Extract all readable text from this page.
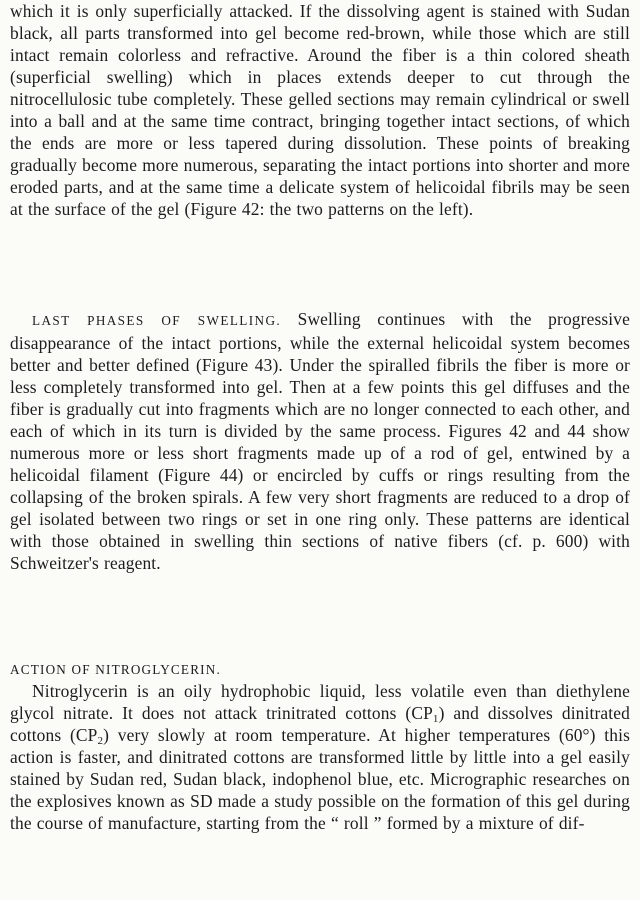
which it is only superficially attacked. If the dissolving agent is stained with Sudan black, all parts transformed into gel become red-brown, while those which are still intact remain colorless and refractive. Around the fiber is a thin colored sheath (superficial swelling) which in places extends deeper to cut through the nitrocellulosic tube completely. These gelled sections may remain cylindrical or swell into a ball and at the same time contract, bringing together intact sections, of which the ends are more or less tapered during dissolution. These points of breaking gradually become more numerous, separating the intact portions into shorter and more eroded parts, and at the same time a delicate system of helicoidal fibrils may be seen at the surface of the gel (Figure 42: the two patterns on the left).

LAST PHASES OF SWELLING. Swelling continues with the progressive disappearance of the intact portions, while the external helicoidal system becomes better and better defined (Figure 43). Under the spiralled fibrils the fiber is more or less completely transformed into gel. Then at a few points this gel diffuses and the fiber is gradually cut into fragments which are no longer connected to each other, and each of which in its turn is divided by the same process. Figures 42 and 44 show numerous more or less short fragments made up of a rod of gel, entwined by a helicoidal filament (Figure 44) or encircled by cuffs or rings resulting from the collapsing of the broken spirals. A few very short fragments are reduced to a drop of gel isolated between two rings or set in one ring only. These patterns are identical with those obtained in swelling thin sections of native fibers (cf. p. 600) with Schweitzer's reagent.

ACTION OF NITROGLYCERIN.

Nitroglycerin is an oily hydrophobic liquid, less volatile even than diethylene glycol nitrate. It does not attack trinitrated cottons $(CP_1)$ and dissolves dinitrated cottons $(CP_2)$ very slowly at room temperature. At higher temperatures (60°) this action is faster, and dinitrated cottons are transformed little by little into a gel easily stained by Sudan red, Sudan black, indophenol blue, etc. Micrographic researches on the explosives known as SD made a study possible on the formation of this gel during the course of manufacture, starting from the “ roll ” formed by a mixture of dif-
